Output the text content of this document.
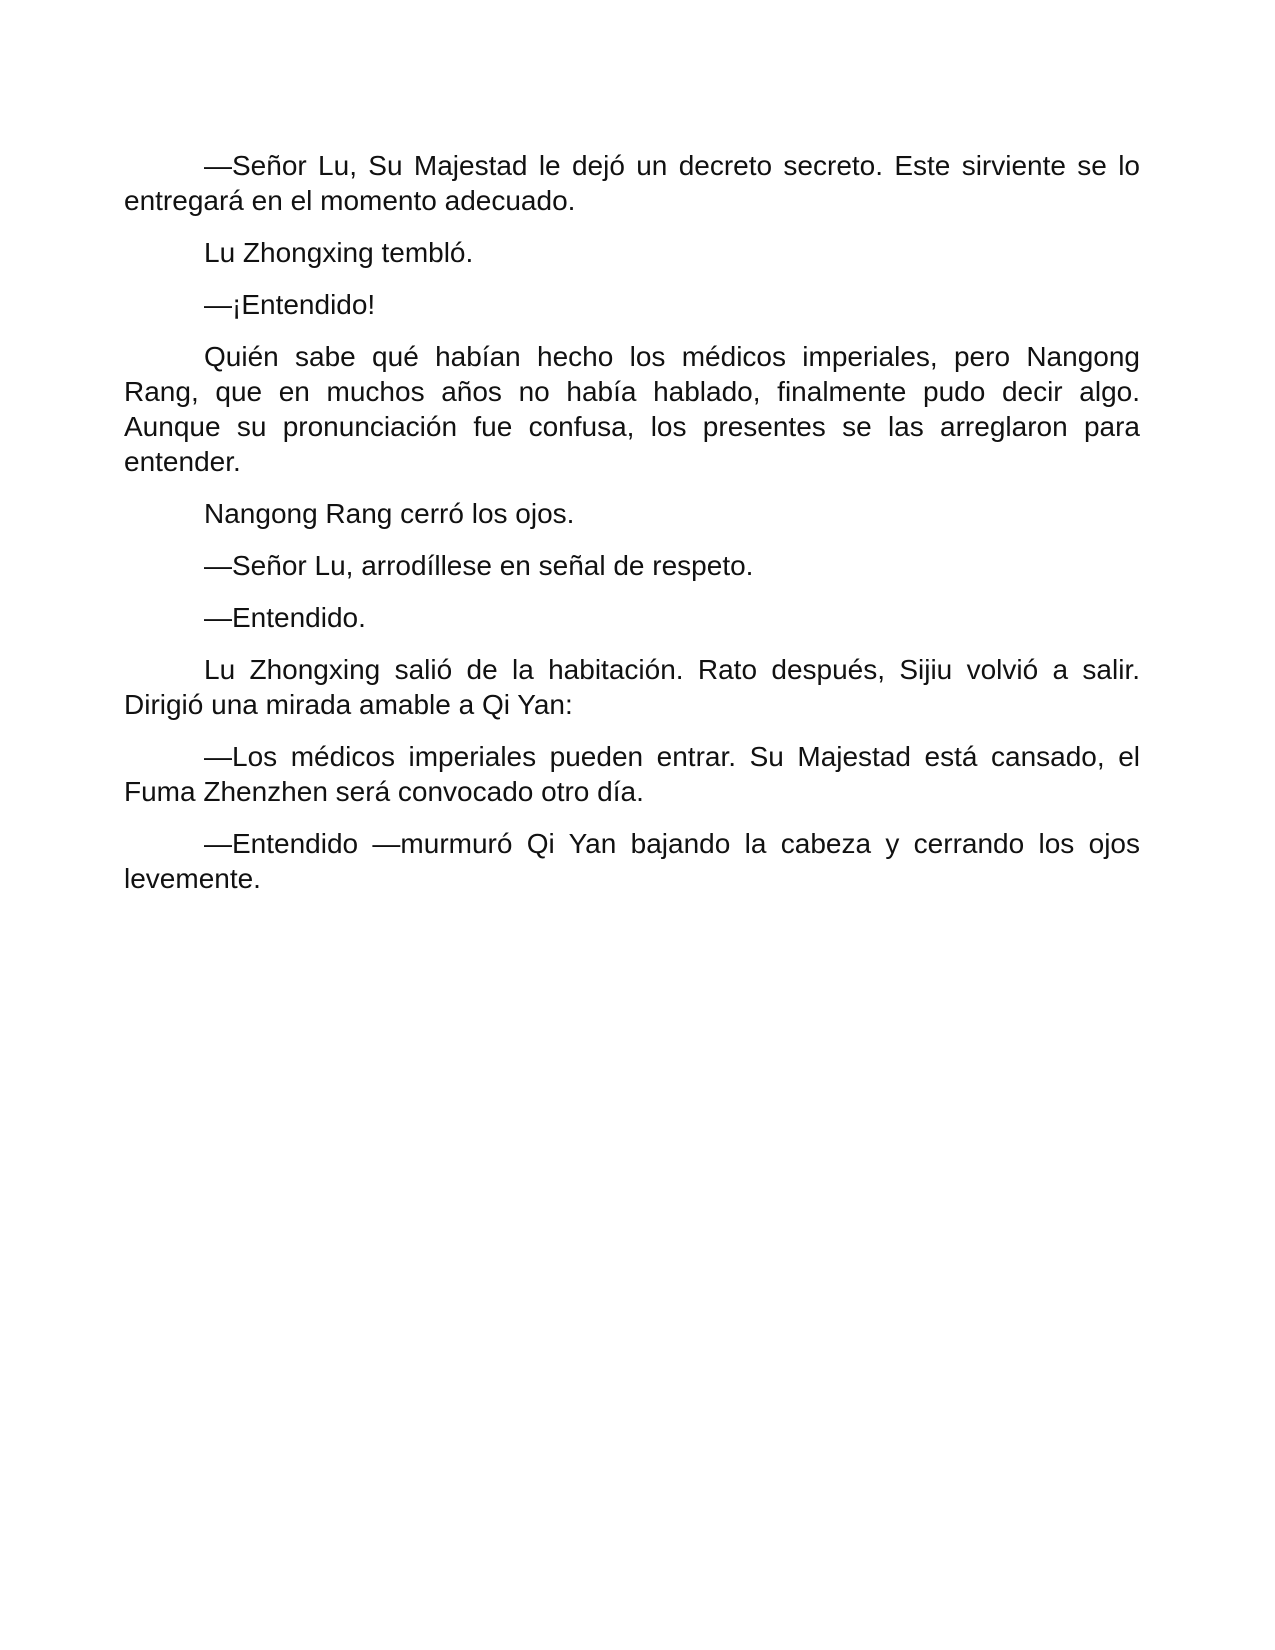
—Señor Lu, Su Majestad le dejó un decreto secreto. Este sirviente se lo entregará en el momento adecuado.

Lu Zhongxing tembló.

—¡Entendido!

Quién sabe qué habían hecho los médicos imperiales, pero Nangong Rang, que en muchos años no había hablado, finalmente pudo decir algo. Aunque su pronunciación fue confusa, los presentes se las arreglaron para entender.

Nangong Rang cerró los ojos.

—Señor Lu, arrodíllese en señal de respeto.

—Entendido.

Lu Zhongxing salió de la habitación. Rato después, Sijiu volvió a salir. Dirigió una mirada amable a Qi Yan:

—Los médicos imperiales pueden entrar. Su Majestad está cansado, el Fuma Zhenzhen será convocado otro día.

—Entendido —murmuró Qi Yan bajando la cabeza y cerrando los ojos levemente.
